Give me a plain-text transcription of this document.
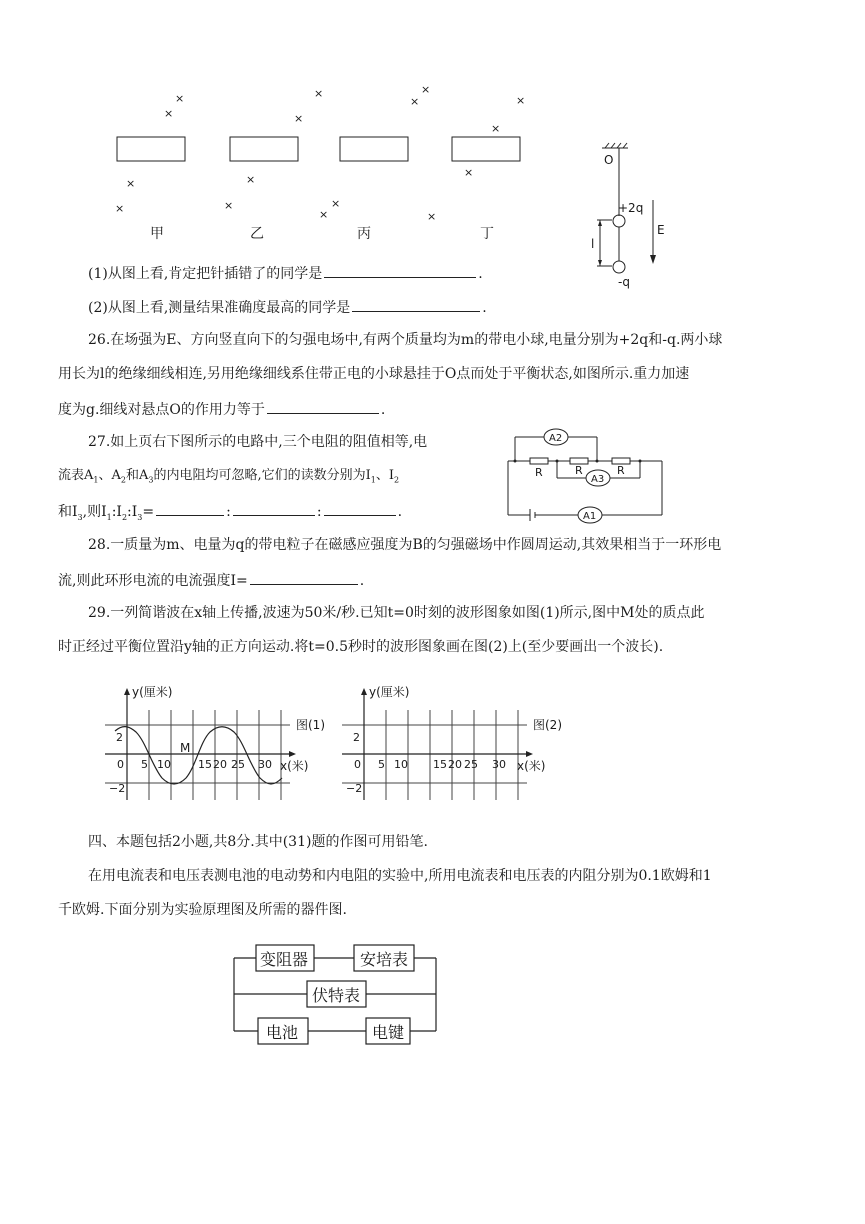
×
×
×
×
×
×
×
×
×
×
×
×
×
×
×
×
甲	乙	丙	丁
O
+2q
-q
l
E
(1)从图上看,肯定把针插错了的同学是	.
(2)从图上看,测量结果准确度最高的同学是	.
26.在场强为E、方向竖直向下的匀强电场中,有两个质量均为m的带电小球,电量分别为+2q和-q.两小球
用长为l的绝缘细线相连,另用绝缘细线系住带正电的小球悬挂于O点而处于平衡状态,如图所示.重力加速
度为g.细线对悬点O的作用力等于	.
27.如上页右下图所示的电路中,三个电阻的阻值相等,电
流表$A_1$、$A_2$和$A_3$的内电阻均可忽略,它们的读数分别为$I_1$、$I_2$
和$I_3$,则$I_1:I_2:I_3=$	:	:	.
A2
A3
A1
R	R	R
28.一质量为m、电量为q的带电粒子在磁感应强度为B的匀强磁场中作圆周运动,其效果相当于一环形电
流,则此环形电流的电流强度I=	.
29.一列简谐波在x轴上传播,波速为50米/秒.已知t=0时刻的波形图象如图(1)所示,图中M处的质点此
时正经过平衡位置沿y轴的正方向运动.将t=0.5秒时的波形图象画在图(2)上(至少要画出一个波长).
y(厘米)
图(1)
x(米)
2
−2
M
0 5 10 15 20 25 30
y(厘米)
图(2)
x(米)
2
−2
0 5 10 15 20 25 30
四、本题包括2小题,共8分.其中(31)题的作图可用铅笔.
在用电流表和电压表测电池的电动势和内电阻的实验中,所用电流表和电压表的内阻分别为0.1欧姆和1
千欧姆.下面分别为实验原理图及所需的器件图.
变阻器	安培表
伏特表
电池	电键
